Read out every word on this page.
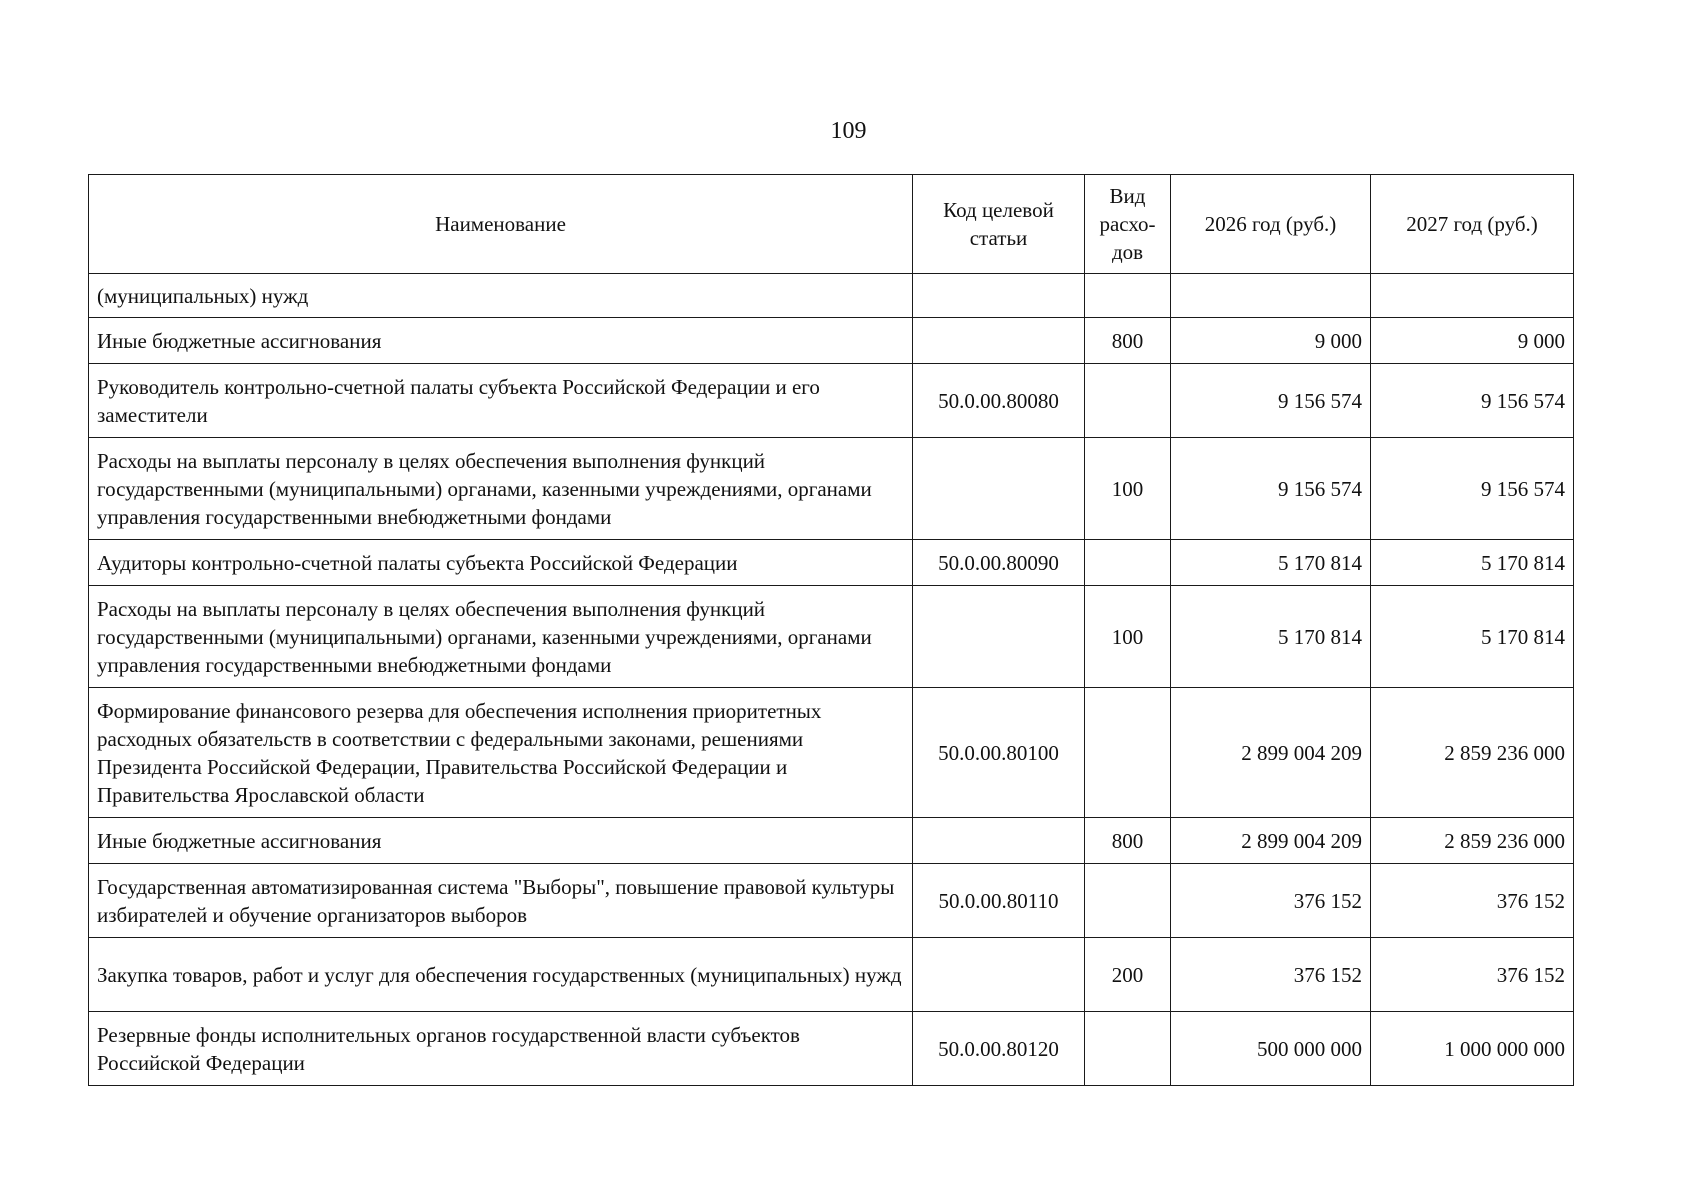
109
Наименование	Код целевой статьи	Вид расхо-дов	2026 год (руб.)	2027 год (руб.)
(муниципальных) нужд				
Иные бюджетные ассигнования		800	9 000	9 000
Руководитель контрольно-счетной палаты субъекта Российской Федерации и его заместители	50.0.00.80080		9 156 574	9 156 574
Расходы на выплаты персоналу в целях обеспечения выполнения функций государственными (муниципальными) органами, казенными учреждениями, органами управления государственными внебюджетными фондами		100	9 156 574	9 156 574
Аудиторы контрольно-счетной палаты субъекта Российской Федерации	50.0.00.80090		5 170 814	5 170 814
Расходы на выплаты персоналу в целях обеспечения выполнения функций государственными (муниципальными) органами, казенными учреждениями, органами управления государственными внебюджетными фондами		100	5 170 814	5 170 814
Формирование финансового резерва для обеспечения исполнения приоритетных расходных обязательств в соответствии с федеральными законами, решениями Президента Российской Федерации, Правительства Российской Федерации и Правительства Ярославской области	50.0.00.80100		2 899 004 209	2 859 236 000
Иные бюджетные ассигнования		800	2 899 004 209	2 859 236 000
Государственная автоматизированная система "Выборы", повышение правовой культуры избирателей и обучение организаторов выборов	50.0.00.80110		376 152	376 152
Закупка товаров, работ и услуг для обеспечения государственных (муниципальных) нужд		200	376 152	376 152
Резервные фонды исполнительных органов государственной власти субъектов Российской Федерации	50.0.00.80120		500 000 000	1 000 000 000
